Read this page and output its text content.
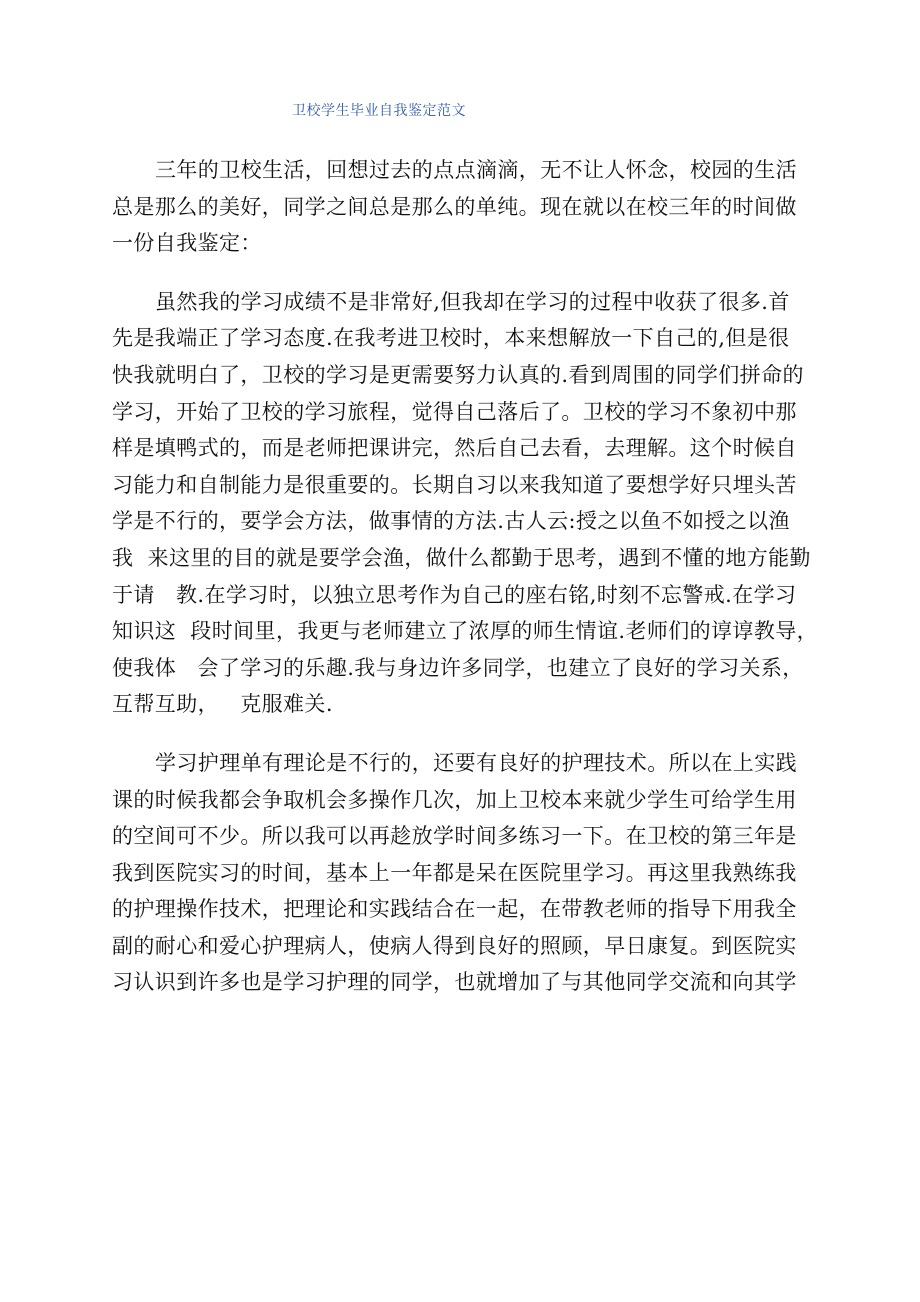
卫校学生毕业自我鉴定范文
三年的卫校生活，回想过去的点点滴滴，无不让人怀念，校园的生活
总是那么的美好，同学之间总是那么的单纯。现在就以在校三年的时间做
一份自我鉴定：
虽然我的学习成绩不是非常好,但我却在学习的过程中收获了很多.首
先是我端正了学习态度.在我考进卫校时，本来想解放一下自己的,但是很
快我就明白了，卫校的学习是更需要努力认真的.看到周围的同学们拼命的
学习，开始了卫校的学习旅程，觉得自己落后了。卫校的学习不象初中那
样是填鸭式的，而是老师把课讲完，然后自己去看，去理解。这个时候自
习能力和自制能力是很重要的。长期自习以来我知道了要想学好只埋头苦
学是不行的，要学会方法，做事情的方法.古人云:授之以鱼不如授之以渔
我  来这里的目的就是要学会渔，做什么都勤于思考，遇到不懂的地方能勤
于请   教.在学习时，以独立思考作为自己的座右铭,时刻不忘警戒.在学习
知识这  段时间里，我更与老师建立了浓厚的师生情谊.老师们的谆谆教导，
使我体   会了学习的乐趣.我与身边许多同学，也建立了良好的学习关系，
互帮互助，   克服难关.
学习护理单有理论是不行的，还要有良好的护理技术。所以在上实践
课的时候我都会争取机会多操作几次，加上卫校本来就少学生可给学生用
的空间可不少。所以我可以再趁放学时间多练习一下。在卫校的第三年是
我到医院实习的时间，基本上一年都是呆在医院里学习。再这里我熟练我
的护理操作技术，把理论和实践结合在一起，在带教老师的指导下用我全
副的耐心和爱心护理病人，使病人得到良好的照顾，早日康复。到医院实
习认识到许多也是学习护理的同学，也就增加了与其他同学交流和向其学
